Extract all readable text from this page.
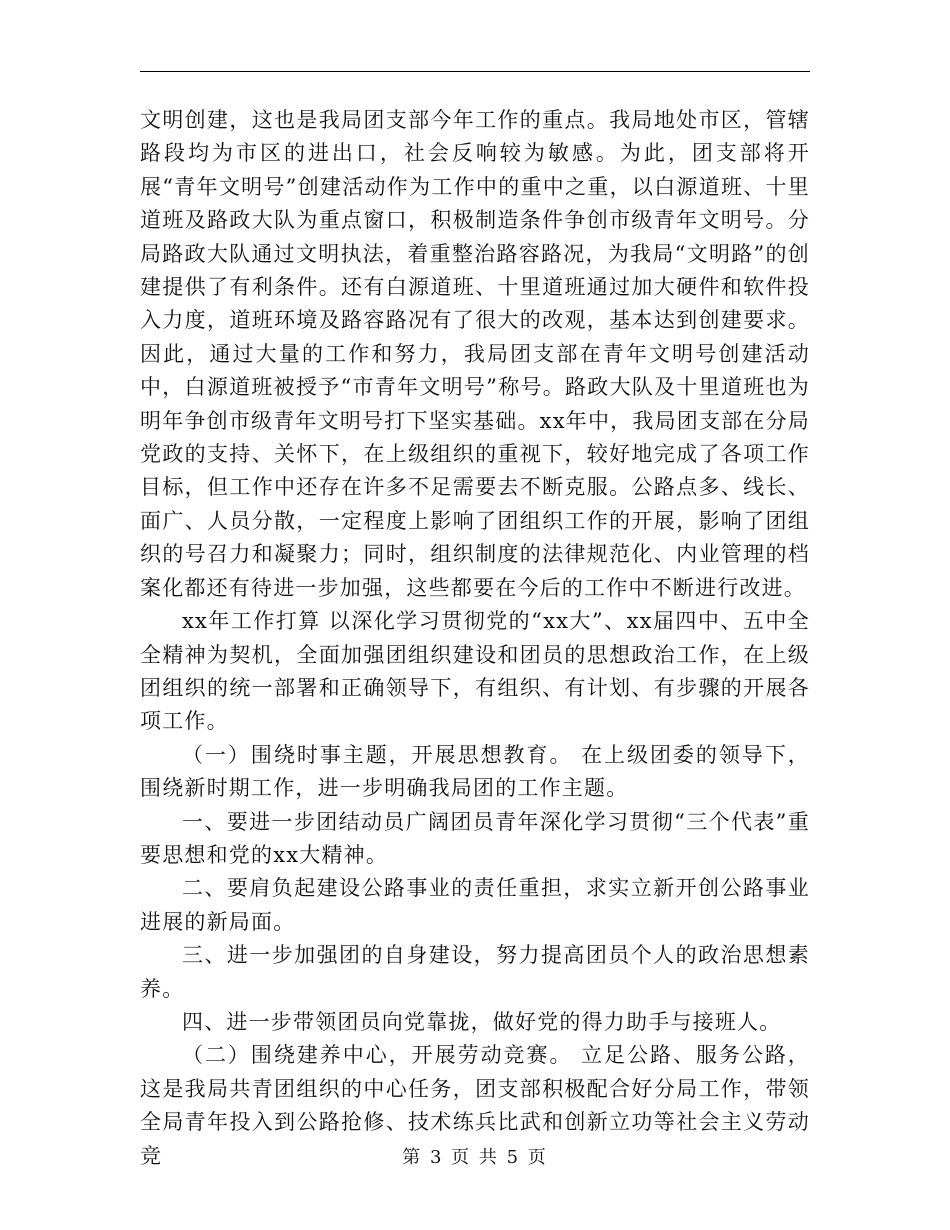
文明创建，这也是我局团支部今年工作的重点。我局地处市区，管辖路段均为市区的进出口，社会反响较为敏感。为此，团支部将开展“青年文明号”创建活动作为工作中的重中之重，以白源道班、十里道班及路政大队为重点窗口，积极制造条件争创市级青年文明号。分局路政大队通过文明执法，着重整治路容路况，为我局“文明路”的创建提供了有利条件。还有白源道班、十里道班通过加大硬件和软件投入力度，道班环境及路容路况有了很大的改观，基本达到创建要求。因此，通过大量的工作和努力，我局团支部在青年文明号创建活动中，白源道班被授予“市青年文明号”称号。路政大队及十里道班也为明年争创市级青年文明号打下坚实基础。xx年中，我局团支部在分局党政的支持、关怀下，在上级组织的重视下，较好地完成了各项工作目标，但工作中还存在许多不足需要去不断克服。公路点多、线长、面广、人员分散，一定程度上影响了团组织工作的开展，影响了团组织的号召力和凝聚力；同时，组织制度的法律规范化、内业管理的档案化都还有待进一步加强，这些都要在今后的工作中不断进行改进。

xx年工作打算 以深化学习贯彻党的“xx大”、xx届四中、五中全全精神为契机，全面加强团组织建设和团员的思想政治工作，在上级团组织的统一部署和正确领导下，有组织、有计划、有步骤的开展各项工作。

（一）围绕时事主题，开展思想教育。 在上级团委的领导下，围绕新时期工作，进一步明确我局团的工作主题。

一、要进一步团结动员广阔团员青年深化学习贯彻“三个代表”重要思想和党的xx大精神。

二、要肩负起建设公路事业的责任重担，求实立新开创公路事业进展的新局面。

三、进一步加强团的自身建设，努力提高团员个人的政治思想素养。

四、进一步带领团员向党靠拢，做好党的得力助手与接班人。

（二）围绕建养中心，开展劳动竞赛。 立足公路、服务公路，这是我局共青团组织的中心任务，团支部积极配合好分局工作，带领全局青年投入到公路抢修、技术练兵比武和创新立功等社会主义劳动竞	第 3 页 共 5 页
